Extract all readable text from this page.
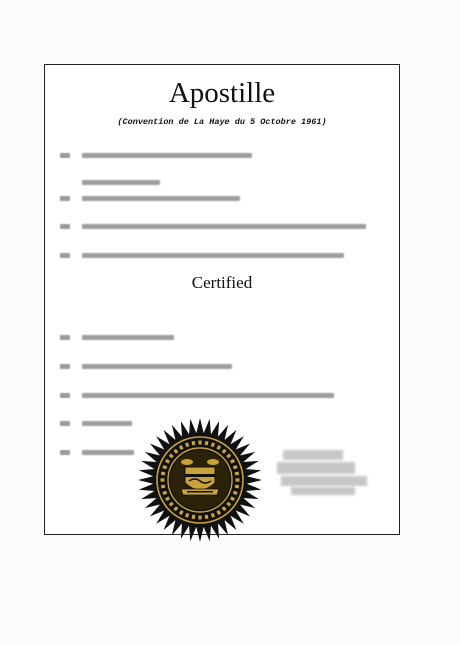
Apostille
(Convention de La Haye du 5 Octobre 1961)
Certified
